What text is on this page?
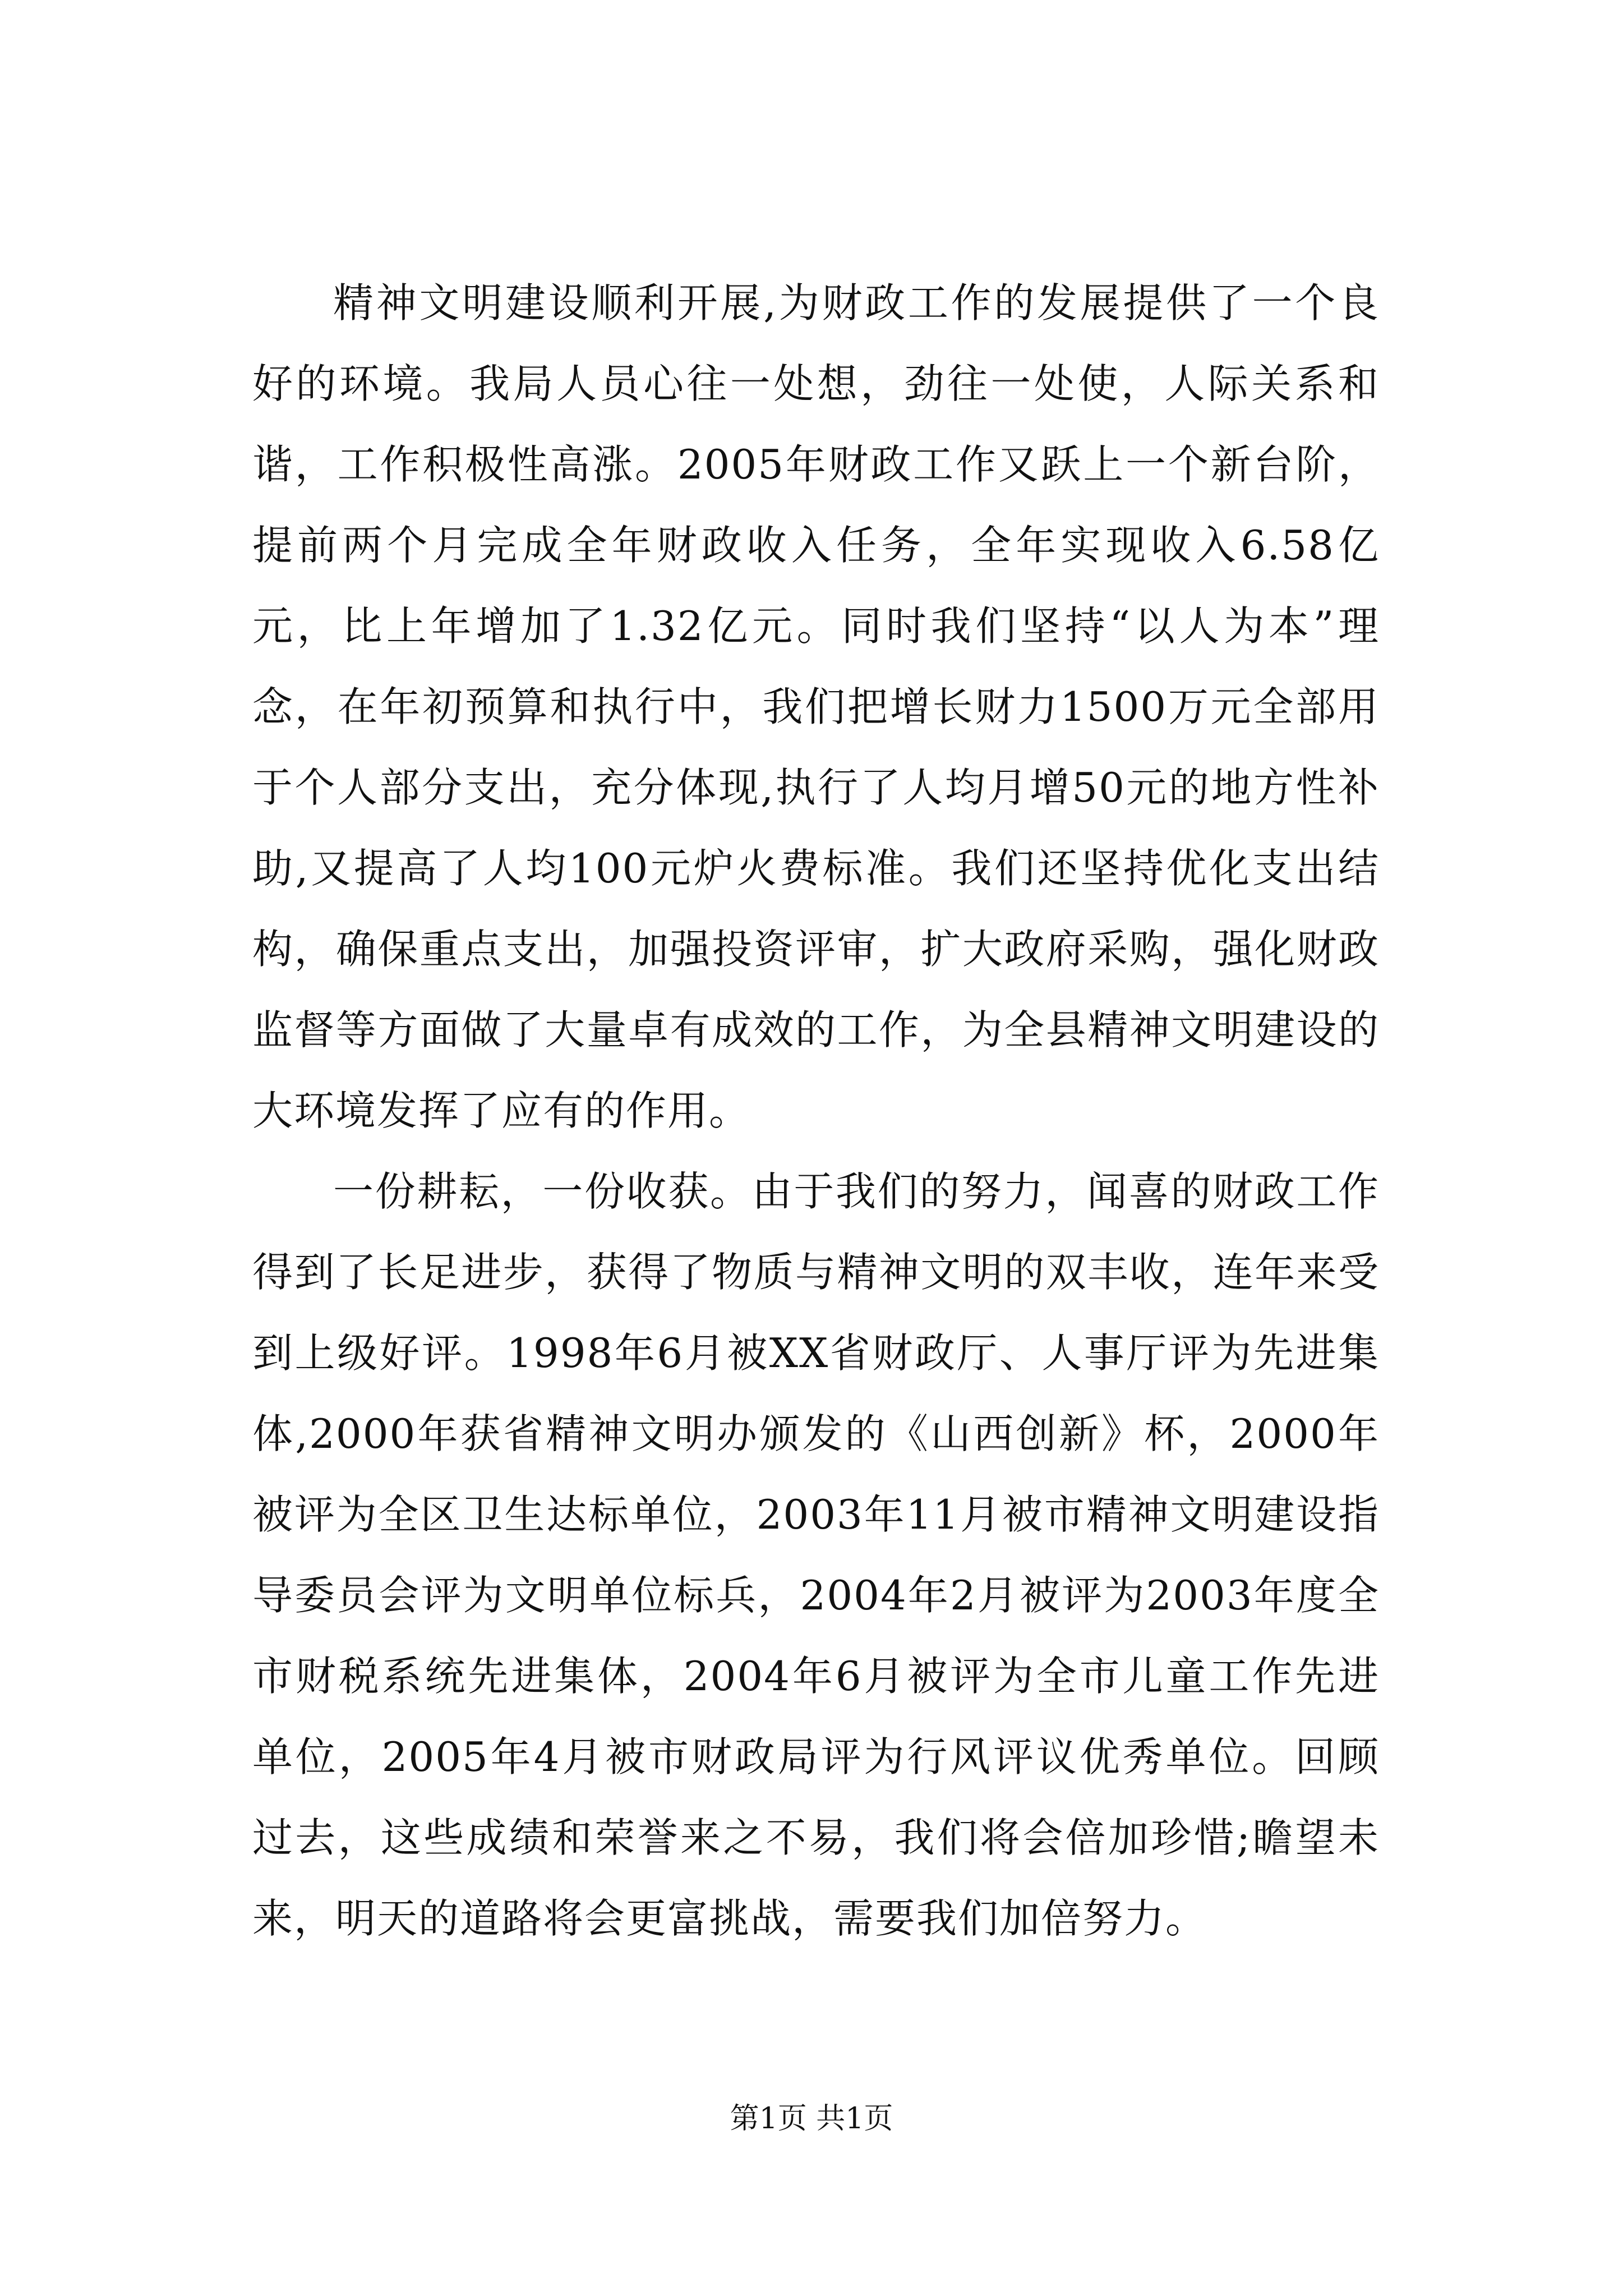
精神文明建设顺利开展,为财政工作的发展提供了一个良好的环境。我局人员心往一处想，劲往一处使，人际关系和谐，工作积极性高涨。2005年财政工作又跃上一个新台阶，提前两个月完成全年财政收入任务，全年实现收入6.58亿元，比上年增加了1.32亿元。同时我们坚持“以人为本”理念，在年初预算和执行中，我们把增长财力1500万元全部用于个人部分支出，充分体现,执行了人均月增50元的地方性补助,又提高了人均100元炉火费标准。我们还坚持优化支出结构，确保重点支出，加强投资评审，扩大政府采购，强化财政监督等方面做了大量卓有成效的工作，为全县精神文明建设的大环境发挥了应有的作用。

一份耕耘，一份收获。由于我们的努力，闻喜的财政工作得到了长足进步，获得了物质与精神文明的双丰收，连年来受到上级好评。1998年6月被XX省财政厅、人事厅评为先进集体,2000年获省精神文明办颁发的《山西创新》杯，2000年被评为全区卫生达标单位，2003年11月被市精神文明建设指导委员会评为文明单位标兵，2004年2月被评为2003年度全市财税系统先进集体，2004年6月被评为全市儿童工作先进单位，2005年4月被市财政局评为行风评议优秀单位。回顾过去，这些成绩和荣誉来之不易，我们将会倍加珍惜;瞻望未来，明天的道路将会更富挑战，需要我们加倍努力。

第1页 共1页
